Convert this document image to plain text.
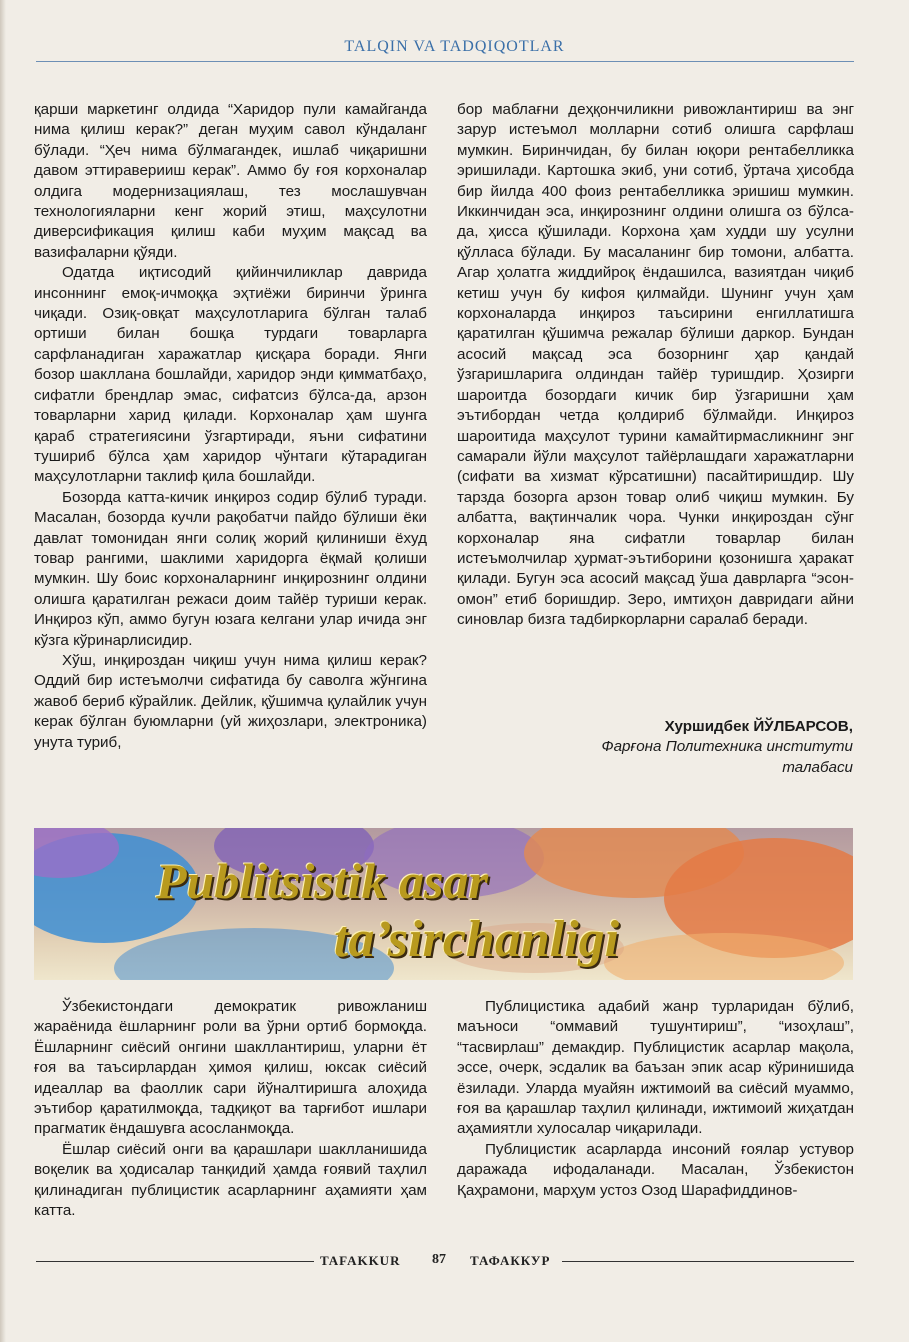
TALQIN VA TADQIQOTLAR

қарши маркетинг олдида “Харидор пули камайганда нима қилиш керак?” деган муҳим савол кўндаланг бўлади. “Ҳеч нима бўлмагандек, ишлаб чиқаришни давом эттираверииш керак”. Аммо бу ғоя корхоналар олдига модернизациялаш, тез мослашувчан технологияларни кенг жорий этиш, маҳсулотни диверсификация қилиш каби муҳим мақсад ва вазифаларни қўяди.

Одатда иқтисодий қийинчиликлар даврида инсоннинг емоқ-ичмоққа эҳтиёжи биринчи ўринга чиқади. Озиқ-овқат маҳсулотларига бўлган талаб ортиши билан бошқа турдаги товарларга сарфланадиган харажатлар қисқара боради. Янги бозор шакллана бошлайди, харидор энди қимматбаҳо, сифатли брендлар эмас, сифатсиз бўлса-да, арзон товарларни харид қилади. Корхоналар ҳам шунга қараб стратегиясини ўзгартиради, яъни сифатини тушириб бўлса ҳам харидор чўнтаги кўтарадиган маҳсулотларни таклиф қила бошлайди.

Бозорда катта-кичик инқироз содир бўлиб туради. Масалан, бозорда кучли рақобатчи пайдо бўлиши ёки давлат томонидан янги солиқ жорий қилиниши ёхуд товар рангими, шаклими харидорга ёқмай қолиши мумкин. Шу боис корхоналарнинг инқирознинг олдини олишга қаратилган режаси доим тайёр туриши керак. Инқироз кўп, аммо бугун юзага келгани улар ичида энг кўзга кўринарлисидир.

Хўш, инқироздан чиқиш учун нима қилиш керак? Оддий бир истеъмолчи сифатида бу саволга жўнгина жавоб бериб кўрайлик. Дейлик, қўшимча қулайлик учун керак бўлган буюмларни (уй жиҳозлари, электроника) унута туриб,

бор маблағни деҳқончиликни ривожлантириш ва энг зарур истеъмол молларни сотиб олишга сарфлаш мумкин. Биринчидан, бу билан юқори рентабелликка эришилади. Картошка экиб, уни сотиб, ўртача ҳисобда бир йилда 400 фоиз рентабелликка эришиш мумкин. Иккинчидан эса, инқирознинг олдини олишга оз бўлса-да, ҳисса қўшилади. Корхона ҳам худди шу усулни қўлласа бўлади. Бу масаланинг бир томони, албатта. Агар ҳолатга жиддийроқ ёндашилса, вазиятдан чиқиб кетиш учун бу кифоя қилмайди. Шунинг учун ҳам корхоналарда инқироз таъсирини енгиллатишга қаратилган қўшимча режалар бўлиши даркор. Бундан асосий мақсад эса бозорнинг ҳар қандай ўзгаришларига олдиндан тайёр туришдир. Ҳозирги шароитда бозордаги кичик бир ўзгаришни ҳам эътибордан четда қолдириб бўлмайди. Инқироз шароитида маҳсулот турини камайтирмасликнинг энг самарали йўли маҳсулот тайёрлашдаги харажатларни (сифати ва хизмат кўрсатишни) пасайтиришдир. Шу тарзда бозорга арзон товар олиб чиқиш мумкин. Бу албатта, вақтинчалик чора. Чунки инқироздан сўнг корхоналар яна сифатли товарлар билан истеъмолчилар ҳурмат-эътиборини қозонишга ҳаракат қилади. Бугун эса асосий мақсад ўша даврларга “эсон-омон” етиб боришдир. Зеро, имтиҳон давридаги айни синовлар бизга тадбиркорларни саралаб беради.

Хуршидбек ЙЎЛБАРСОВ,
Фарғона Политехника институти
талабаси
Publitsistik asar
ta’sirchanligi

Ўзбекистондаги демократик ривожланиш жараёнида ёшларнинг роли ва ўрни ортиб бормоқда. Ёшларнинг сиёсий онгини шакллантириш, уларни ёт ғоя ва таъсирлардан ҳимоя қилиш, юксак сиёсий идеаллар ва фаоллик сари йўналтиришга алоҳида эътибор қаратилмоқда, тадқиқот ва тарғибот ишлари прагматик ёндашувга асосланмоқда.

Ёшлар сиёсий онги ва қарашлари шаклланишида воқелик ва ҳодисалар танқидий ҳамда ғоявий таҳлил қилинадиган публицистик асарларнинг аҳамияти ҳам катта.

Публицистика адабий жанр турларидан бўлиб, маъноси “оммавий тушунтириш”, “изоҳлаш”, “тасвирлаш” демакдир. Публицистик асарлар мақола, эссе, очерк, эсдалик ва баъзан эпик асар кўринишида ёзилади. Уларда муайян ижтимоий ва сиёсий муаммо, ғоя ва қарашлар таҳлил қилинади, ижтимоий жиҳатдан аҳамиятли хулосалар чиқарилади.

Публицистик асарларда инсоний ғоялар устувор даражада ифодаланади. Масалан, Ўзбекистон Қаҳрамони, марҳум устоз Озод Шарафиддинов-

TAFAKKUR 87 ТАФАККУР
